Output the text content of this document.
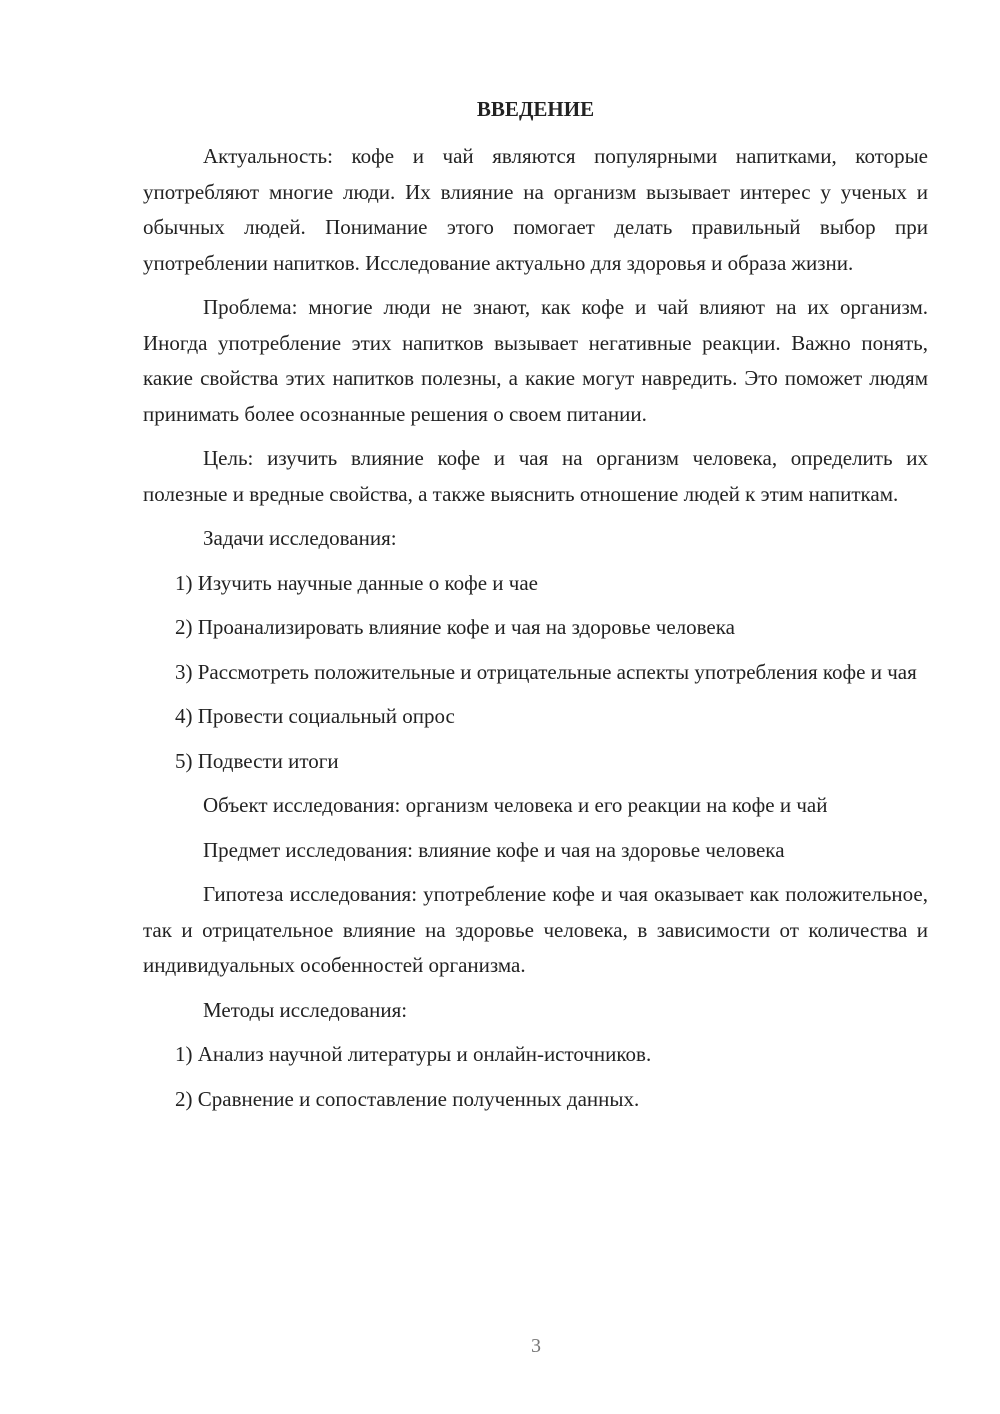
ВВЕДЕНИЕ
Актуальность: кофе и чай являются популярными напитками, которые употребляют многие люди. Их влияние на организм вызывает интерес у ученых и обычных людей. Понимание этого помогает делать правильный выбор при употреблении напитков. Исследование актуально для здоровья и образа жизни.
Проблема: многие люди не знают, как кофе и чай влияют на их организм. Иногда употребление этих напитков вызывает негативные реакции. Важно понять, какие свойства этих напитков полезны, а какие могут навредить. Это поможет людям принимать более осознанные решения о своем питании.
Цель: изучить влияние кофе и чая на организм человека, определить их полезные и вредные свойства, а также выяснить отношение людей к этим напиткам.
Задачи исследования:
1) Изучить научные данные о кофе и чае
2) Проанализировать влияние кофе и чая на здоровье человека
3) Рассмотреть положительные и отрицательные аспекты употребления кофе и чая
4) Провести социальный опрос
5) Подвести итоги
Объект исследования: организм человека и его реакции на кофе и чай
Предмет исследования: влияние кофе и чая на здоровье человека
Гипотеза исследования: употребление кофе и чая оказывает как положительное, так и отрицательное влияние на здоровье человека, в зависимости от количества и индивидуальных особенностей организма.
Методы исследования:
1) Анализ научной литературы и онлайн-источников.
2) Сравнение и сопоставление полученных данных.
3
